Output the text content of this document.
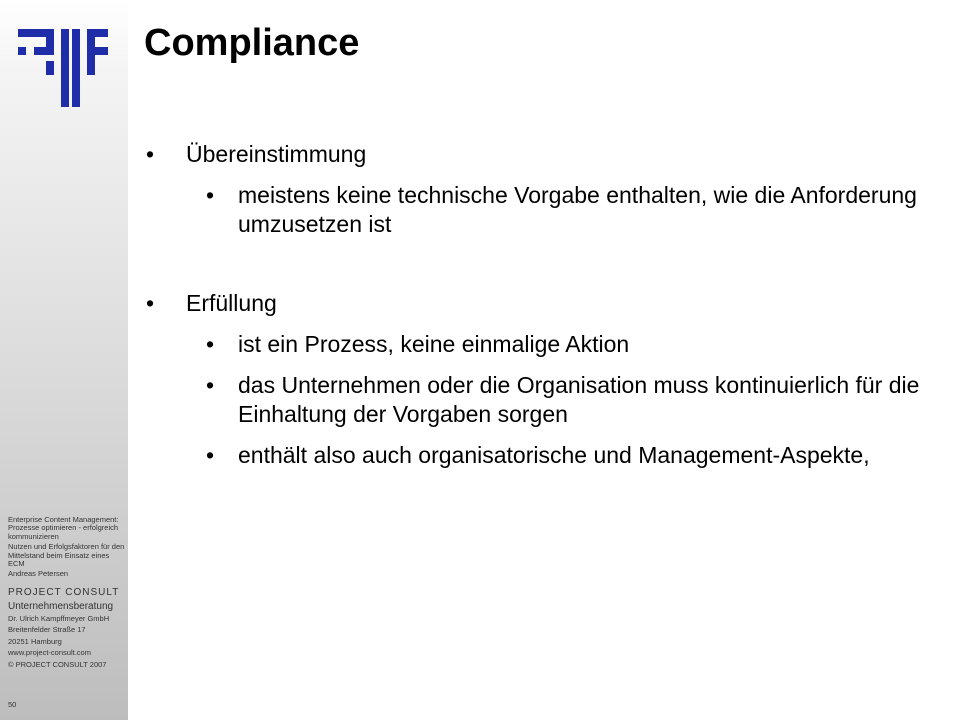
Enterprise Content Management: Prozesse optimieren - erfolgreich kommunizieren
Nutzen und Erfolgsfaktoren für den Mittelstand beim Einsatz eines ECM
Andreas Petersen
PROJECT CONSULT
Unternehmensberatung
Dr. Ulrich Kampffmeyer GmbH
Breitenfelder Straße 17
20251 Hamburg
www.project-consult.com
© PROJECT CONSULT 2007
50
Compliance
• Übereinstimmung
• meistens keine technische Vorgabe enthalten, wie die Anforderung umzusetzen ist
• Erfüllung
• ist ein Prozess, keine einmalige Aktion
• das Unternehmen oder die Organisation muss kontinuierlich für die Einhaltung der Vorgaben sorgen
• enthält also auch organisatorische und Management-Aspekte,
